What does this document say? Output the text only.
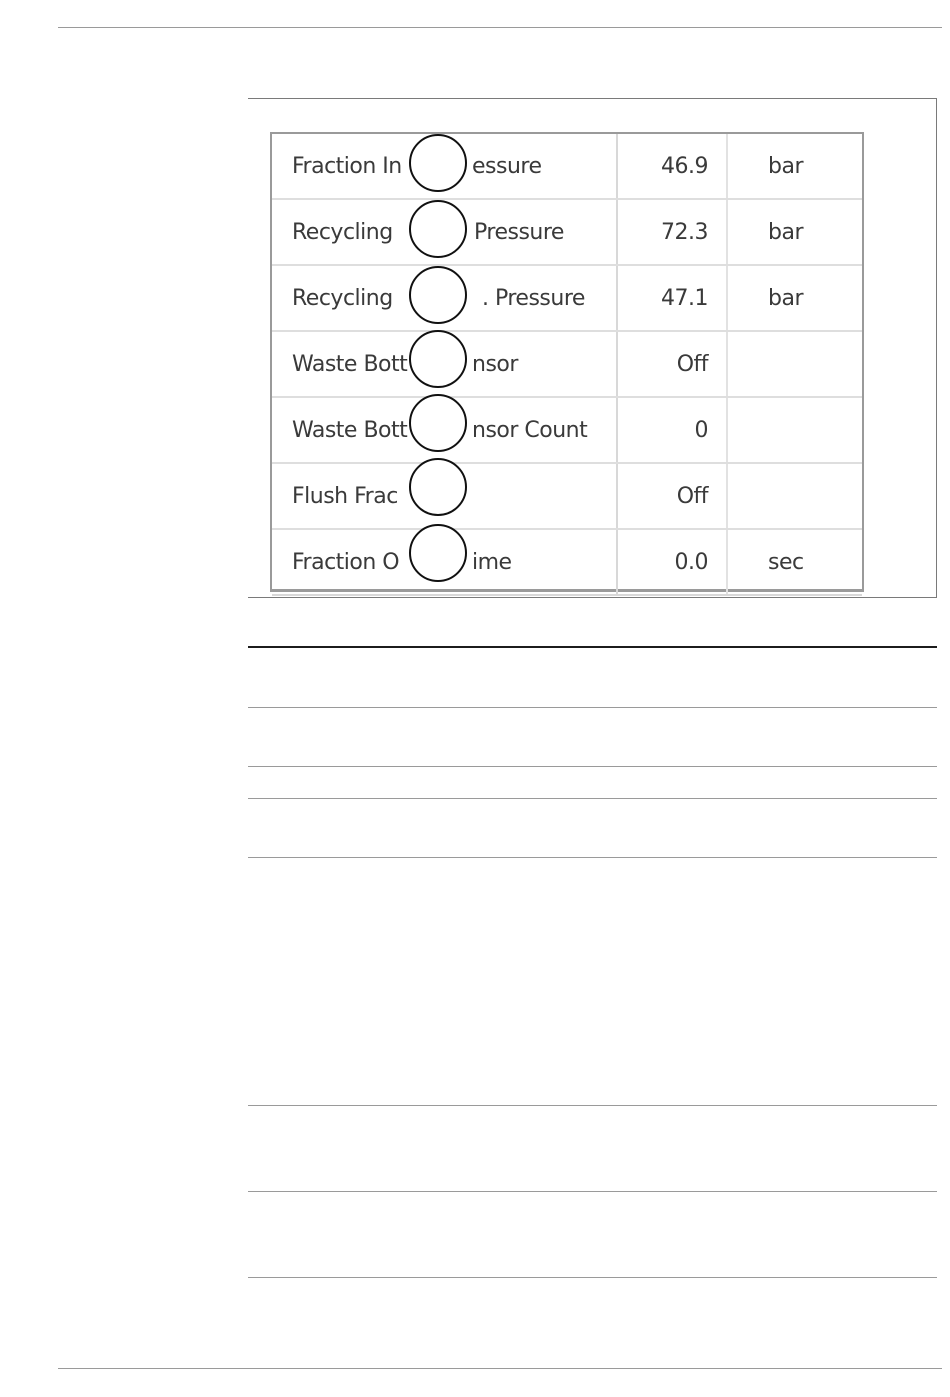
Fraction In essure	46.9	bar
Recycling Pressure	72.3	bar
Recycling . Pressure	47.1	bar
Waste Bott nsor	Off	
Waste Bott nsor Count	0	
Flush Frac	Off	
Fraction O ime	0.0	sec
